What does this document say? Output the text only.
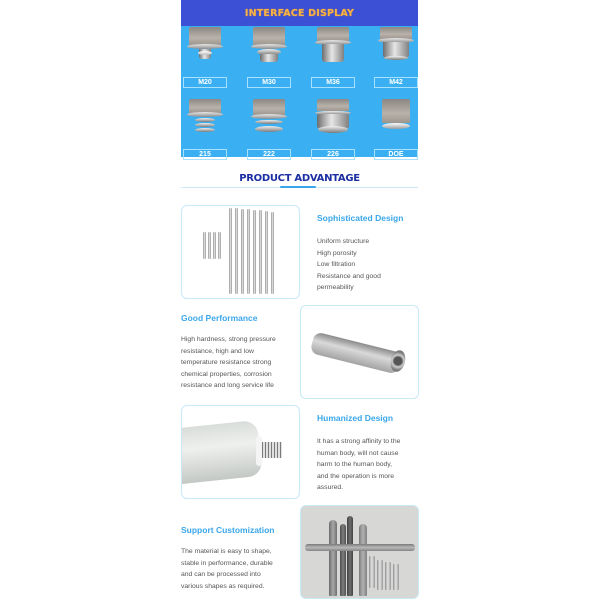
INTERFACE DISPLAY
M20	M30	M36	M42
215	222	226	DOE
PRODUCT ADVANTAGE
Sophisticated Design
Uniform structure
High porosity
Low filtration
Resistance and good
permeability
Good Performance
High hardness, strong pressure
resistance, high and low
temperature resistance strong
chemical properties, corrosion
resistance and long service life
Humanized Design
It has a strong affinity to the
human body, will not cause
harm to the human body,
and the operation is more
assured.
Support Customization
The material is easy to shape,
stable in performance, durable
and can be processed into
various shapes as required.
